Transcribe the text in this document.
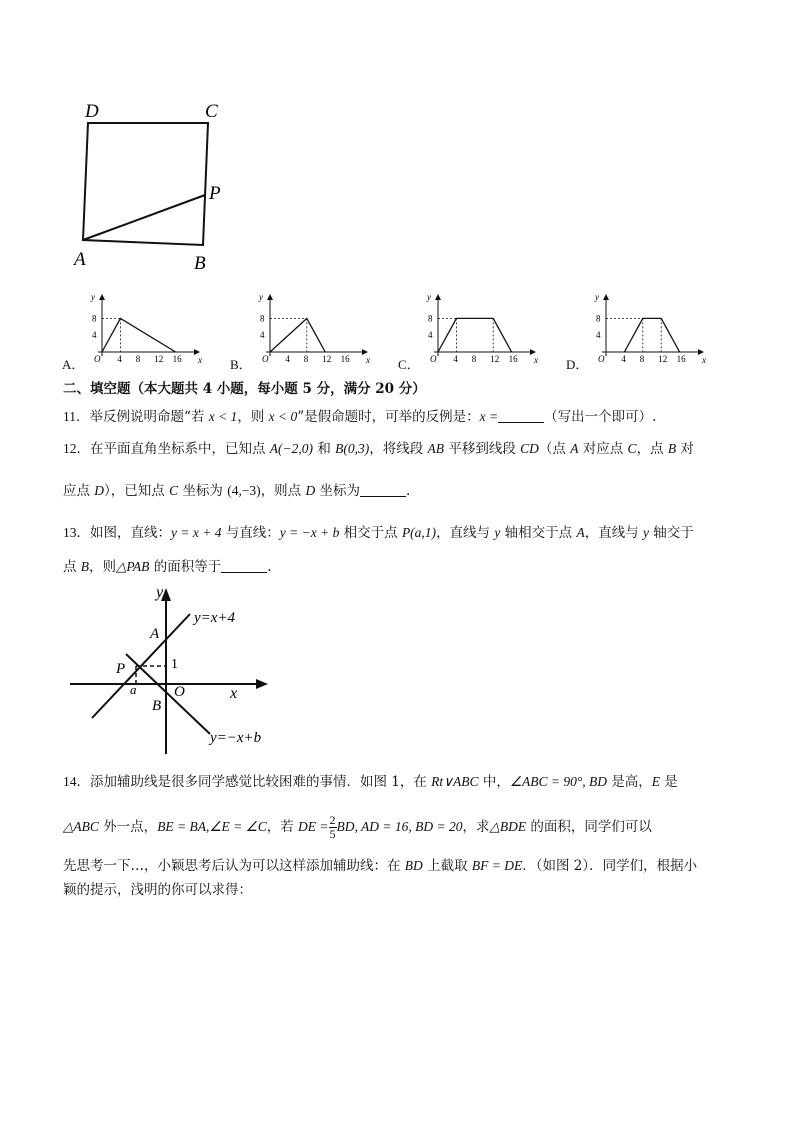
D	C
P
A	B
A．
y
x
O
8
4
4 8 12 16	B．
y
x
O
8
4
4 8 12 16	C．
y
x
O
8
4
4 8 12 16	D．
y
x
O
8
4
4 8 12 16
二、填空题（本大题共 4 小题，每小题 5 分，满分 20 分）
11．举反例说明命题“若 x < 1，则 x < 0”是假命题时，可举的反例是：x =	（写出一个即可）.
12．在平面直角坐标系中，已知点 A(−2,0) 和 B(0,3)，将线段 AB 平移到线段 CD（点 A 对应点 C，点 B 对
应点 D），已知点 C 坐标为 (4,−3)，则点 D 坐标为	.
13．如图，直线：y = x + 4 与直线：y = −x + b 相交于点 P(a,1)，直线与 y 轴相交于点 A，直线与 y 轴交于
点 B，则△PAB 的面积等于	.
y
x
A
P
O
B
a
1
y=x+4
y=−x+b
14．添加辅助线是很多同学感觉比较困难的事情．如图 1，在 Rt∨ABC 中，∠ABC = 90°, BD 是高，E 是
△ABC 外一点，BE = BA,∠E = ∠C，若 DE = $\frac{2}{5}$ BD, AD = 16, BD = 20，求△BDE 的面积，同学们可以
先思考一下…，小颖思考后认为可以这样添加辅助线：在 BD 上截取 BF = DE．（如图 2）．同学们，根据小
颖的提示，浅明的你可以求得：
